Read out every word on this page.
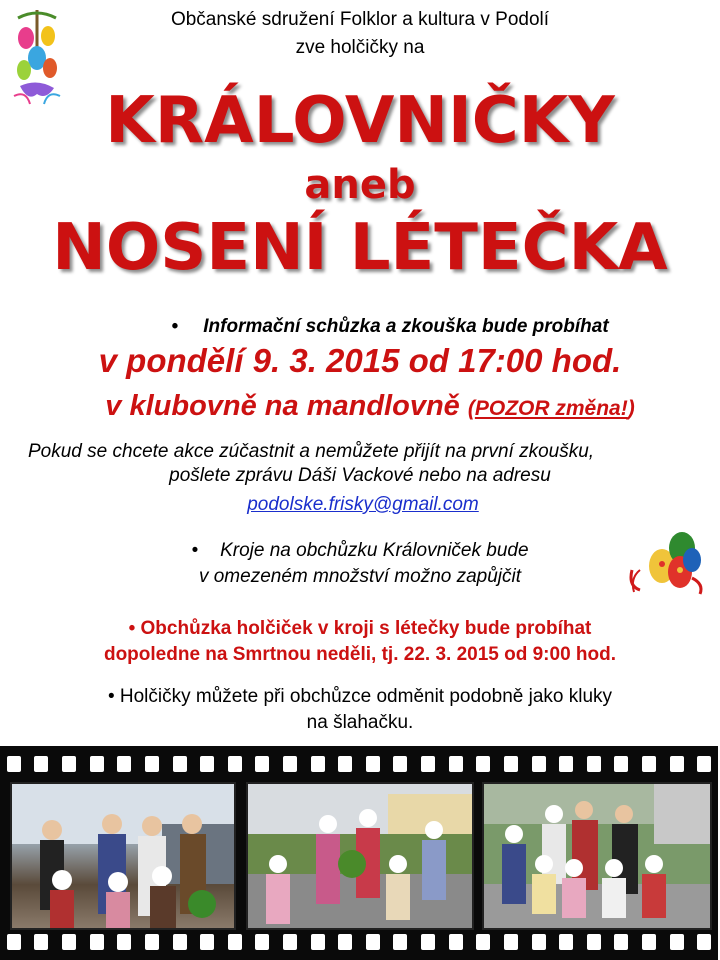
Občanské sdružení Folklor a kultura v Podolí
zve holčičky na
KRÁLOVNIČKY
aneb
NOSENÍ LÉTEČKA
• Informační schůzka a zkouška bude probíhat
v pondělí 9. 3. 2015 od 17:00 hod.
v klubovně na mandlovně (POZOR změna!)
Pokud se chcete akce zúčastnit a nemůžete přijít na první zkoušku,
pošlete zprávu Dáši Vackové nebo na adresu
podolske.frisky@gmail.com
• Kroje na obchůzku Královniček bude
v omezeném množství možno zapůjčit
• Obchůzka holčiček v kroji s létečky bude probíhat
dopoledne na Smrtnou neděli, tj. 22. 3. 2015 od 9:00 hod.
• Holčičky můžete při obchůzce odměnit podobně jako kluky
na šlahačku.
